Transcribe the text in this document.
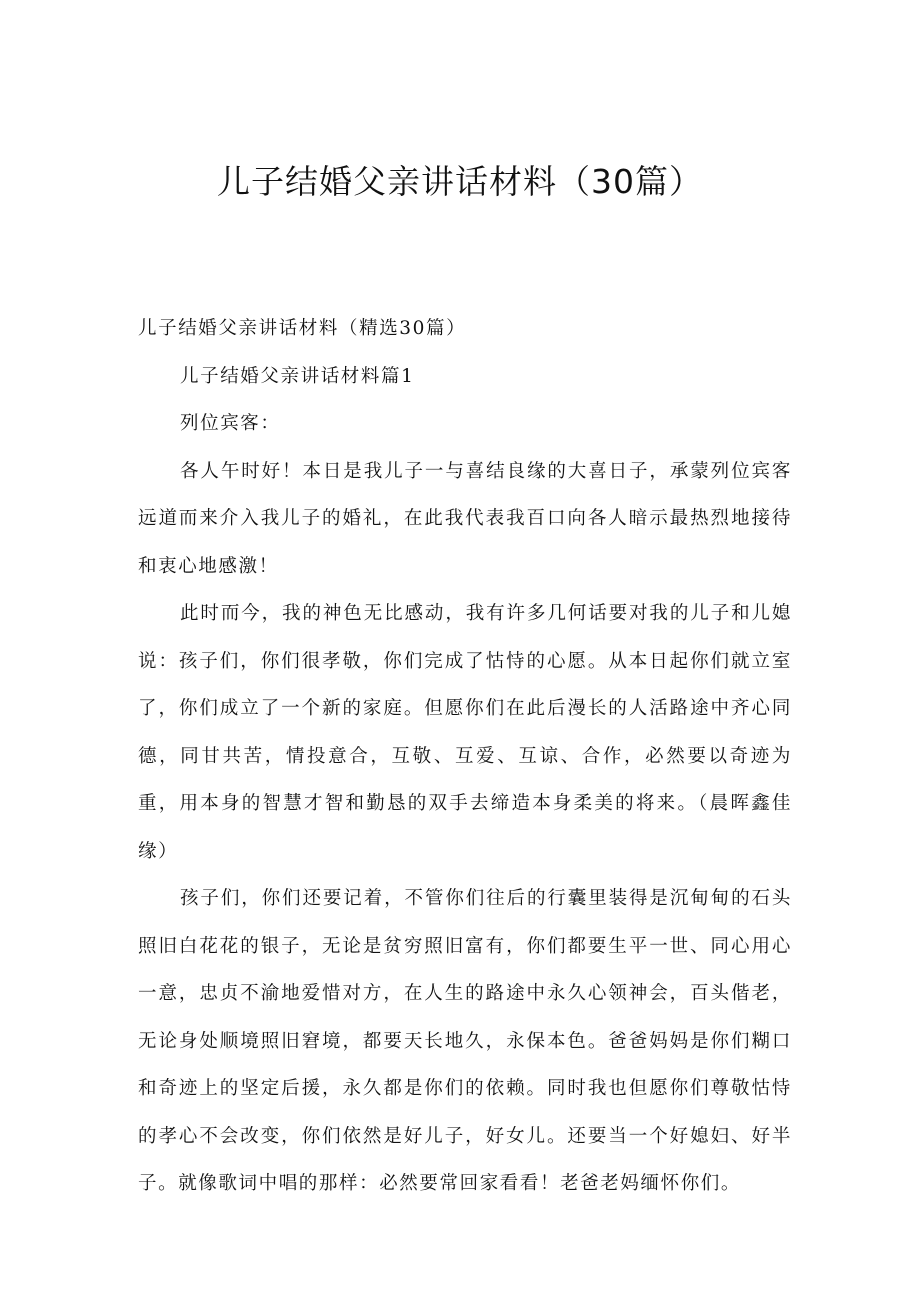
儿子结婚父亲讲话材料（30篇）

儿子结婚父亲讲话材料（精选30篇）

儿子结婚父亲讲话材料篇1

列位宾客：

各人午时好！本日是我儿子一与喜结良缘的大喜日子，承蒙列位宾客远道而来介入我儿子的婚礼，在此我代表我百口向各人暗示最热烈地接待和衷心地感激！

此时而今，我的神色无比感动，我有许多几何话要对我的儿子和儿媳说：孩子们，你们很孝敬，你们完成了怙恃的心愿。从本日起你们就立室了，你们成立了一个新的家庭。但愿你们在此后漫长的人活路途中齐心同德，同甘共苦，情投意合，互敬、互爱、互谅、合作，必然要以奇迹为重，用本身的智慧才智和勤恳的双手去缔造本身柔美的将来。（晨晖鑫佳缘）

孩子们，你们还要记着，不管你们往后的行囊里装得是沉甸甸的石头照旧白花花的银子，无论是贫穷照旧富有，你们都要生平一世、同心用心一意，忠贞不渝地爱惜对方，在人生的路途中永久心领神会，百头偕老，无论身处顺境照旧窘境，都要天长地久，永保本色。爸爸妈妈是你们糊口和奇迹上的坚定后援，永久都是你们的依赖。同时我也但愿你们尊敬怙恃的孝心不会改变，你们依然是好儿子，好女儿。还要当一个好媳妇、好半子。就像歌词中唱的那样：必然要常回家看看！老爸老妈缅怀你们。
